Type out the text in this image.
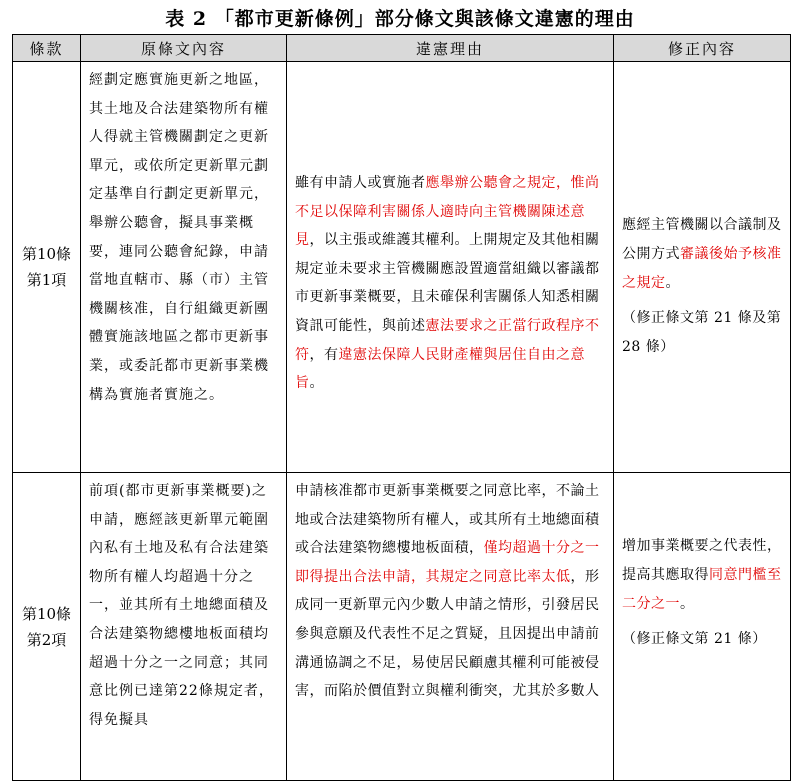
表 2 「都市更新條例」部分條文與該條文違憲的理由
條款	原條文內容	違憲理由	修正內容
第10條
第1項	經劃定應實施更新之地區，其土地及合法建築物所有權人得就主管機關劃定之更新單元，或依所定更新單元劃定基準自行劃定更新單元，舉辦公聽會，擬具事業概要，連同公聽會紀錄，申請當地直轄市、縣（市）主管機關核准，自行組織更新團體實施該地區之都市更新事業，或委託都市更新事業機構為實施者實施之。	雖有申請人或實施者應舉辦公聽會之規定，惟尚不足以保障利害關係人適時向主管機關陳述意見，以主張或維護其權利。上開規定及其他相關規定並未要求主管機關應設置適當組織以審議都市更新事業概要，且未確保利害關係人知悉相關資訊可能性，與前述憲法要求之正當行政程序不符，有違憲法保障人民財產權與居住自由之意旨。	應經主管機關以合議制及公開方式審議後始予核准之規定。
（修正條文第 21 條及第 28 條）

第10條
第2項	前項(都市更新事業概要)之申請，應經該更新單元範圍內私有土地及私有合法建築物所有權人均超過十分之一，並其所有土地總面積及合法建築物總樓地板面積均超過十分之一之同意；其同意比例已達第22條規定者，得免擬具	申請核准都市更新事業概要之同意比率，不論土地或合法建築物所有權人，或其所有土地總面積或合法建築物總樓地板面積，僅均超過十分之一即得提出合法申請，其規定之同意比率太低，形成同一更新單元內少數人申請之情形，引發居民參與意願及代表性不足之質疑，且因提出申請前溝通協調之不足，易使居民顧慮其權利可能被侵害，而陷於價值對立與權利衝突，尤其於多數人	增加事業概要之代表性，提高其應取得同意門檻至二分之一。
（修正條文第 21 條）
